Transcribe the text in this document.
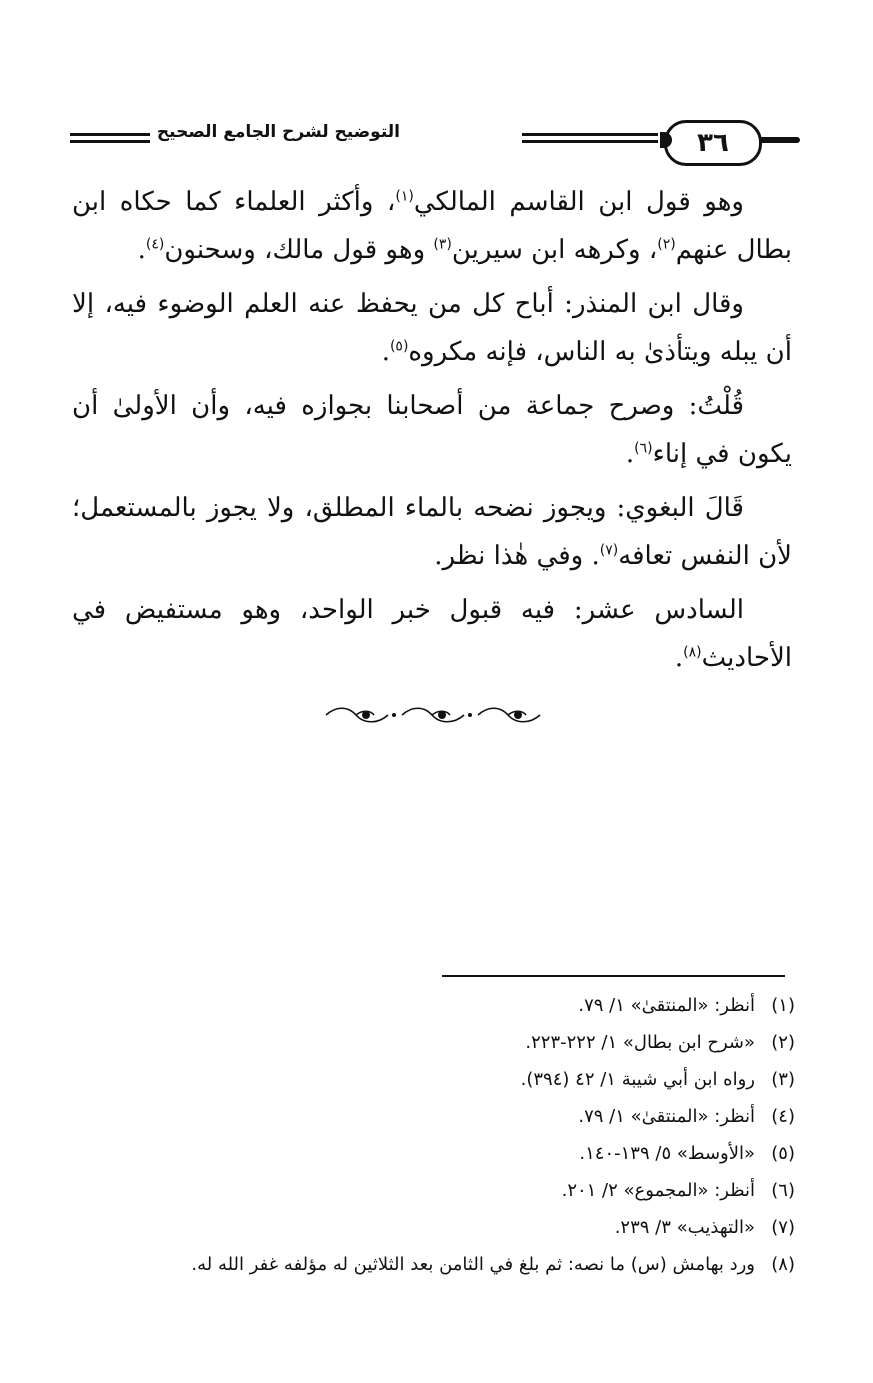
٣٦
التوضيح لشرح الجامع الصحيح

وهو قول ابن القاسم المالكي$^{(١)}$، وأكثر العلماء كما حكاه ابن بطال عنهم$^{(٢)}$، وكرهه ابن سيرين$^{(٣)}$ وهو قول مالك، وسحنون$^{(٤)}$.

وقال ابن المنذر: أباح كل من يحفظ عنه العلم الوضوء فيه، إلا أن يبله ويتأذىٰ به الناس، فإنه مكروه$^{(٥)}$.

قُلْتُ: وصرح جماعة من أصحابنا بجوازه فيه، وأن الأولىٰ أن يكون في إناء$^{(٦)}$.

قَالَ البغوي: ويجوز نضحه بالماء المطلق، ولا يجوز بالمستعمل؛ لأن النفس تعافه$^{(٧)}$. وفي هٰذا نظر.

السادس عشر: فيه قبول خبر الواحد، وهو مستفيض في الأحاديث$^{(٨)}$.

(١)
أنظر: «المنتقىٰ» ١/ ٧٩.
(٢)
«شرح ابن بطال» ١/ ٢٢٢-٢٢٣.
(٣)
رواه ابن أبي شيبة ١/ ٤٢ (٣٩٤).
(٤)
أنظر: «المنتقىٰ» ١/ ٧٩.
(٥)
«الأوسط» ٥/ ١٣٩-١٤٠.
(٦)
أنظر: «المجموع» ٢/ ٢٠١.
(٧)
«التهذيب» ٣/ ٢٣٩.
(٨)
ورد بهامش (س) ما نصه: ثم بلغ في الثامن بعد الثلاثين له مؤلفه غفر الله له.
